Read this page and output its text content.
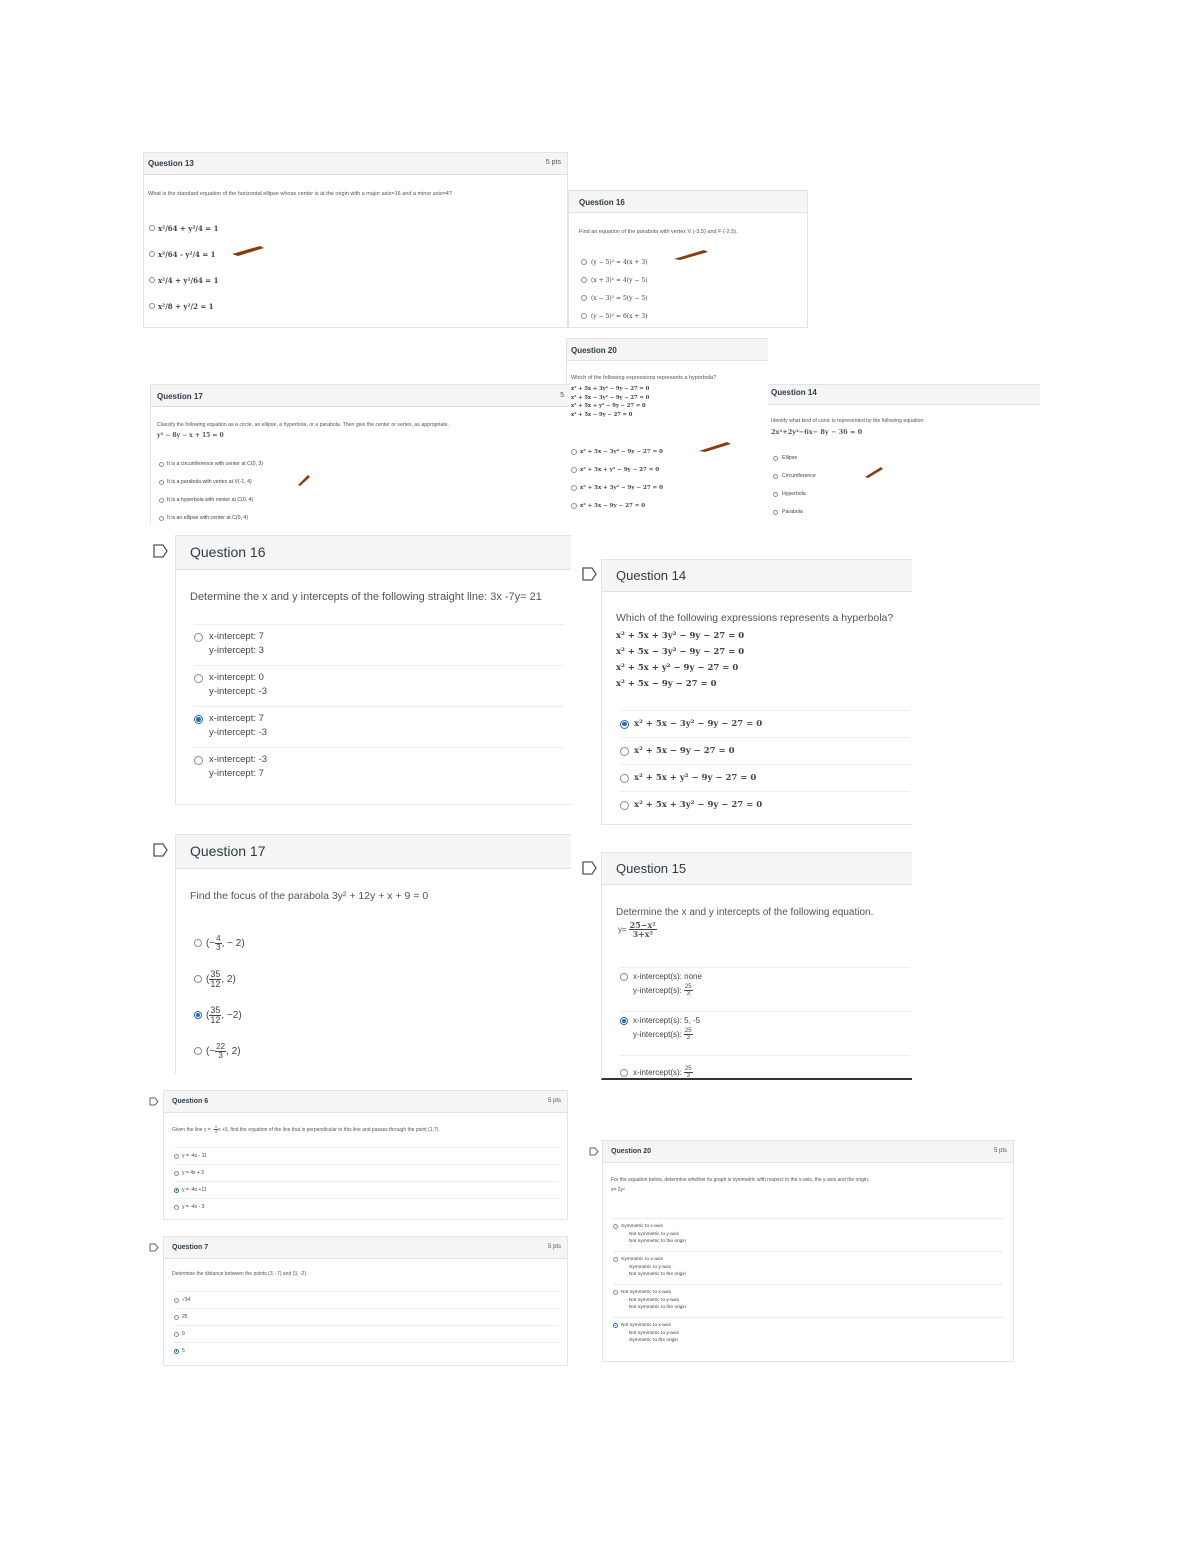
Question 13	5 pts
What is the standard equation of the horizontal ellipse whose center is at the origin with a major axis=16 and a minor axis=4?
x²/64 + y²/4 = 1
x²/64 - y²/4 = 1
x²/4 + y²/64 = 1
x²/8 + y²/2 = 1
Question 16
Find an equation of the parabola with vertex V (-3,5) and F (-2,5).
(y − 5)² = 4(x + 3)
(x + 3)² = 4(y − 5)
(x − 3)² = 5(y − 5)
(y − 5)² = 6(x + 3)
Question 20
Which of the following expressions represents a hyperbola?
x² + 5x + 3y² − 9y − 27 = 0
x² + 5x − 3y² − 9y − 27 = 0
x² + 5x + y² − 9y − 27 = 0
x² + 5x − 9y − 27 = 0
x² + 5x − 3y² − 9y − 27 = 0
x² + 5x + y² − 9y − 27 = 0
x² + 5x + 3y² − 9y − 27 = 0
x² + 5x − 9y − 27 = 0
Question 17	5
Classify the following equation as a circle, an ellipse, a hyperbola, or a parabola. Then give the center or vertex, as appropriate.
y² − 8y − x + 15 = 0
It is a circumference with center at C(0, 3)
It is a parabola with vertex at V(-1, 4)
It is a hyperbola with center at C(0, 4)
It is an ellipse with center at C(0, 4)
Question 14
Identify what kind of conic is represented by the following equation:
2x²+2y²−6x− 8y − 36 = 0
Ellipse
Circumference
Hyperbola
Parabola
Question 16
Determine the x and y intercepts of the following straight line: 3x -7y= 21
x-intercept: 7
y-intercept: 3
x-intercept: 0
y-intercept: -3
x-intercept: 7
y-intercept: -3
x-intercept: -3
y-intercept: 7
Question 14
Which of the following expressions represents a hyperbola?
x² + 5x + 3y² − 9y − 27 = 0
x² + 5x − 3y² − 9y − 27 = 0
x² + 5x + y² − 9y − 27 = 0
x² + 5x − 9y − 27 = 0
x² + 5x − 3y² − 9y − 27 = 0
x² + 5x − 9y − 27 = 0
x² + 5x + y² − 9y − 27 = 0
x² + 5x + 3y² − 9y − 27 = 0
Question 17
Find the focus of the parabola 3y² + 12y + x + 9 = 0
(− $\frac{4}{3}$ , − 2)
( $\frac{35}{12}$ , 2)
( $\frac{35}{12}$ , −2)
(− $\frac{22}{3}$ , 2)
Question 15
Determine the x and y intercepts of the following equation.
$y= \frac{\text{25−x²}}{\text{3+x²}}$
x-intercept(s): none
y-intercept(s): $\frac{25}{3}$
x-intercept(s): 5, -5
y-intercept(s): $\frac{25}{3}$
x-intercept(s): $\frac{25}{3}$
Question 6	5 pts
Given the line y = - $\frac{1}{4}$ x +5, find the equation of the line that is perpendicular to this line and passes through the point (1,7).
y = -4x - 11
y = 4x + 3
y = -4x +11
y = -4x - 3
Question 7	5 pts
Determine the distance between the points (3, -7) and (3, -2).
√34
25
9
5
Question 20	5 pts
For the equation below, determine whether its graph is symmetric with respect to the x-axis, the y-axis and the origin.
x= 2y²
Symmetric to x-axis
Not symmetric to y-axis
Not symmetric to the origin
Symmetric to x-axis
Symmetric to y-axis
Not symmetric to the origin
Not symmetric to x-axis
Not symmetric to y-axis
Not symmetric to the origin
Not symmetric to x-axis
Not symmetric to y-axis
Symmetric to the origin
